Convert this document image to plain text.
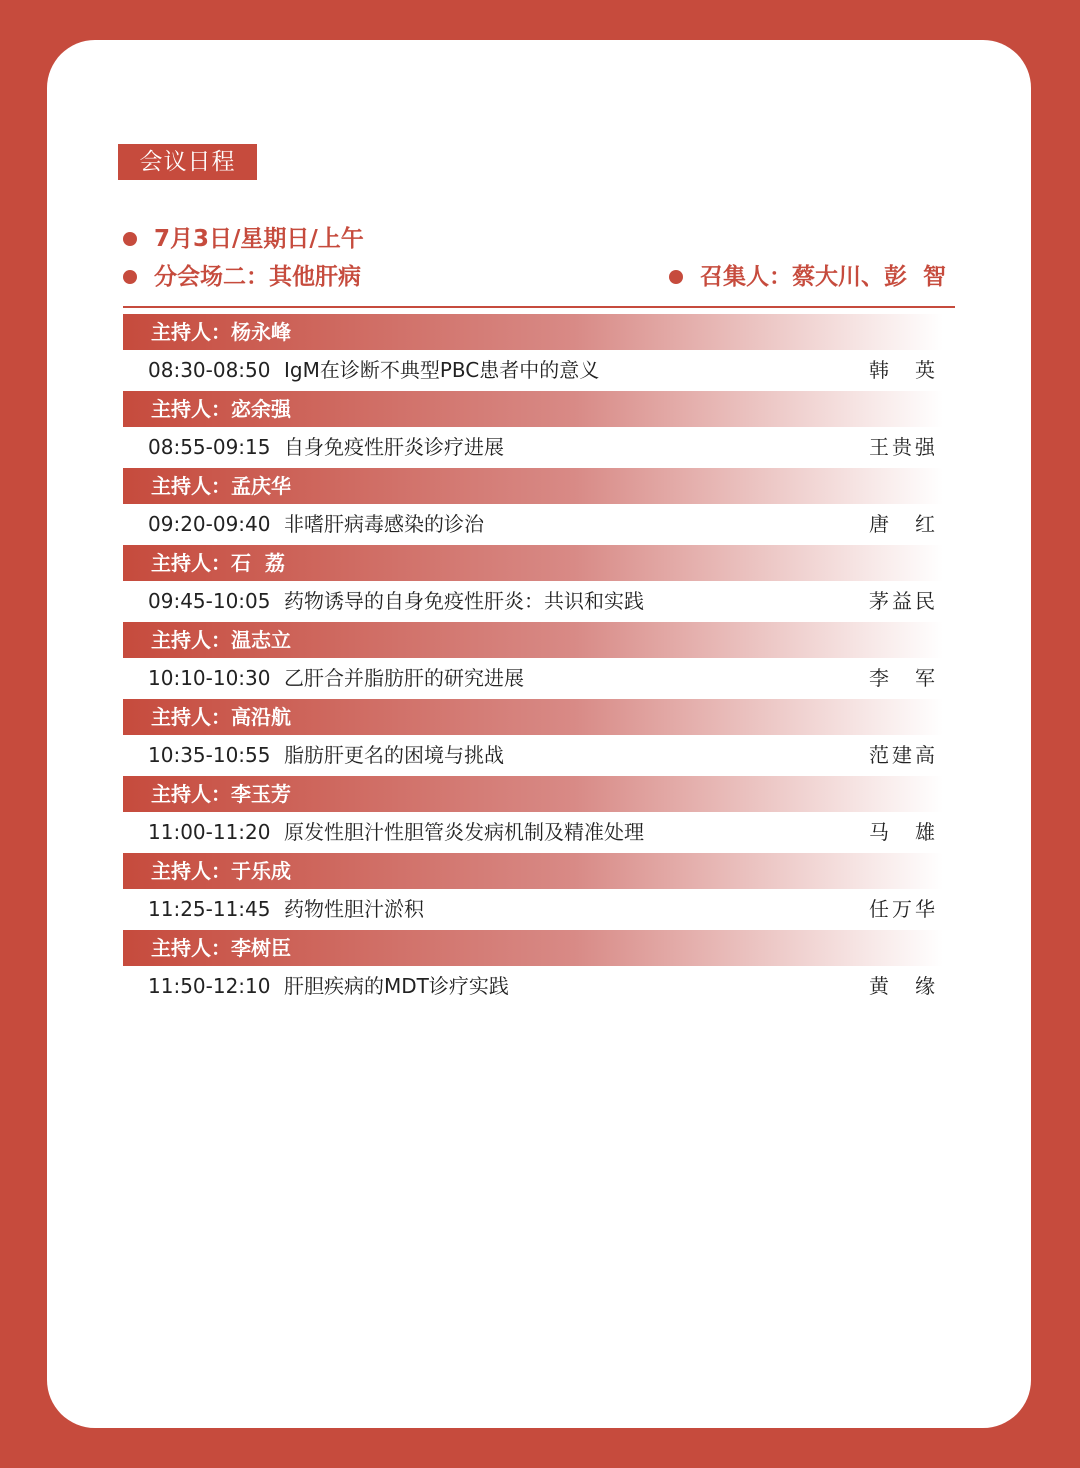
会议日程
7月3日/星期日/上午
分会场二：其他肝病	召集人：蔡大川、彭  智
主持人：杨永峰
08:30-08:50 IgM在诊断不典型PBC患者中的意义	韩 英
主持人：宓余强
08:55-09:15 自身免疫性肝炎诊疗进展	王贵强
主持人：孟庆华
09:20-09:40 非嗜肝病毒感染的诊治	唐 红
主持人：石  荔
09:45-10:05 药物诱导的自身免疫性肝炎：共识和实践	茅益民
主持人：温志立
10:10-10:30 乙肝合并脂肪肝的研究进展	李 军
主持人：高沿航
10:35-10:55 脂肪肝更名的困境与挑战	范建高
主持人：李玉芳
11:00-11:20 原发性胆汁性胆管炎发病机制及精准处理	马 雄
主持人：于乐成
11:25-11:45 药物性胆汁淤积	任万华
主持人：李树臣
11:50-12:10 肝胆疾病的MDT诊疗实践	黄 缘
